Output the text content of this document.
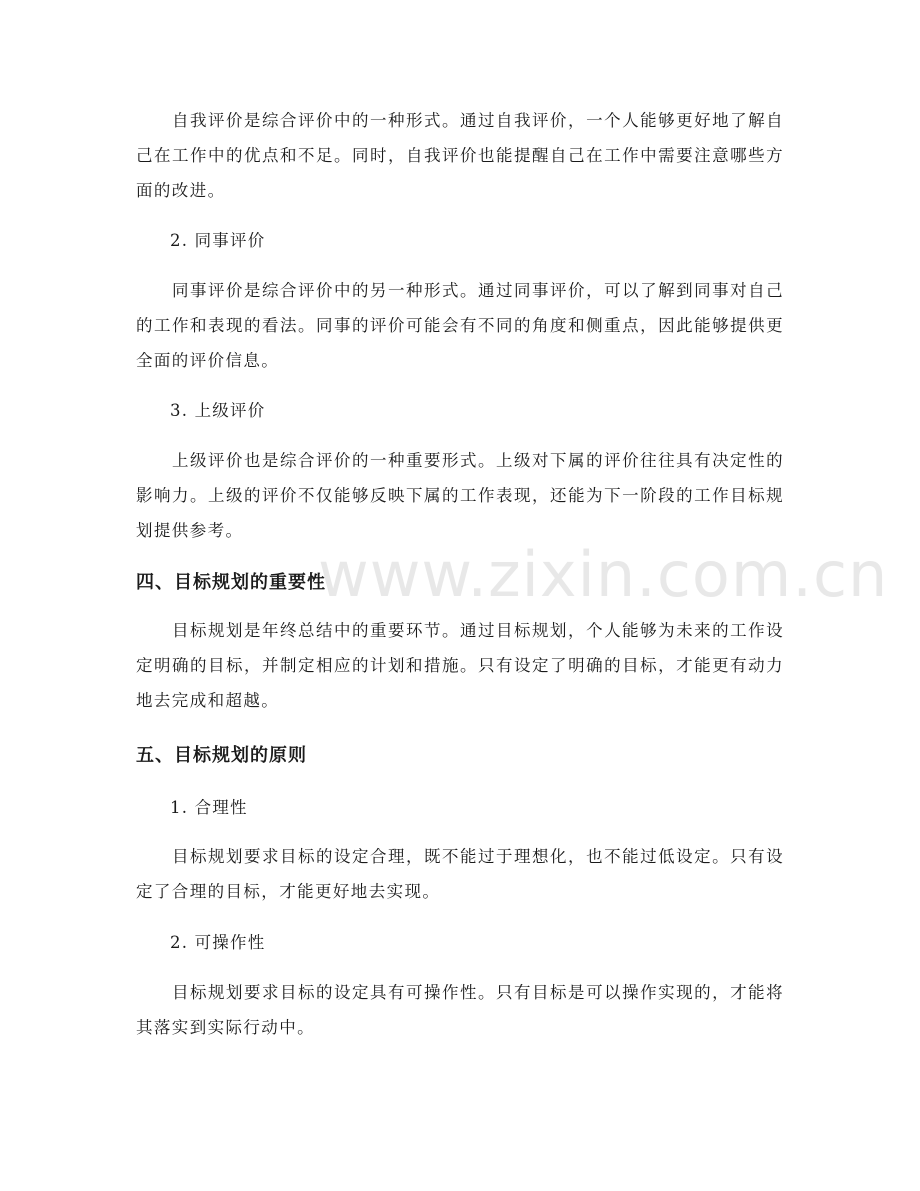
自我评价是综合评价中的一种形式。通过自我评价，一个人能够更好地了解自己在工作中的优点和不足。同时，自我评价也能提醒自己在工作中需要注意哪些方面的改进。

2. 同事评价

同事评价是综合评价中的另一种形式。通过同事评价，可以了解到同事对自己的工作和表现的看法。同事的评价可能会有不同的角度和侧重点，因此能够提供更全面的评价信息。

3. 上级评价

上级评价也是综合评价的一种重要形式。上级对下属的评价往往具有决定性的影响力。上级的评价不仅能够反映下属的工作表现，还能为下一阶段的工作目标规划提供参考。

四、目标规划的重要性

目标规划是年终总结中的重要环节。通过目标规划，个人能够为未来的工作设定明确的目标，并制定相应的计划和措施。只有设定了明确的目标，才能更有动力地去完成和超越。

五、目标规划的原则

1. 合理性

目标规划要求目标的设定合理，既不能过于理想化，也不能过低设定。只有设定了合理的目标，才能更好地去实现。

2. 可操作性

目标规划要求目标的设定具有可操作性。只有目标是可以操作实现的，才能将其落实到实际行动中。

www.zixin.com.cn
